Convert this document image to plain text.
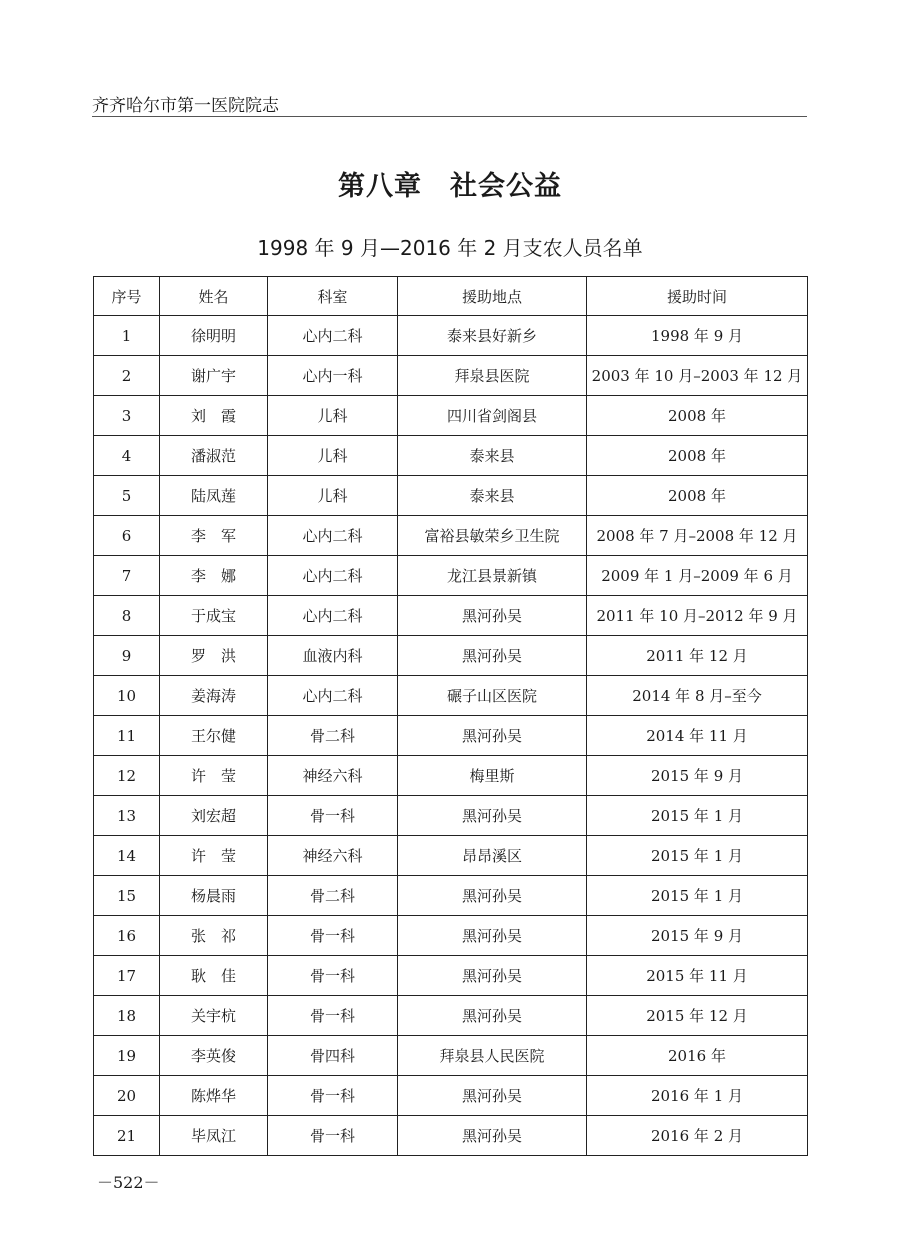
齐齐哈尔市第一医院院志
第八章　社会公益
1998 年 9 月—2016 年 2 月支农人员名单
序号	姓名	科室	援助地点	援助时间
1	徐明明	心内二科	泰来县好新乡	1998 年 9 月
2	谢广宇	心内一科	拜泉县医院	2003 年 10 月–2003 年 12 月
3	刘　霞	儿科	四川省剑阁县	2008 年
4	潘淑范	儿科	泰来县	2008 年
5	陆凤莲	儿科	泰来县	2008 年
6	李　军	心内二科	富裕县敏荣乡卫生院	2008 年 7 月–2008 年 12 月
7	李　娜	心内二科	龙江县景新镇	2009 年 1 月–2009 年 6 月
8	于成宝	心内二科	黑河孙吴	2011 年 10 月–2012 年 9 月
9	罗　洪	血液内科	黑河孙吴	2011 年 12 月
10	姜海涛	心内二科	碾子山区医院	2014 年 8 月–至今
11	王尔健	骨二科	黑河孙吴	2014 年 11 月
12	许　莹	神经六科	梅里斯	2015 年 9 月
13	刘宏超	骨一科	黑河孙吴	2015 年 1 月
14	许　莹	神经六科	昂昂溪区	2015 年 1 月
15	杨晨雨	骨二科	黑河孙吴	2015 年 1 月
16	张　祁	骨一科	黑河孙吴	2015 年 9 月
17	耿　佳	骨一科	黑河孙吴	2015 年 11 月
18	关宇杭	骨一科	黑河孙吴	2015 年 12 月
19	李英俊	骨四科	拜泉县人民医院	2016 年
20	陈烨华	骨一科	黑河孙吴	2016 年 1 月
21	毕凤江	骨一科	黑河孙吴	2016 年 2 月
－522－
